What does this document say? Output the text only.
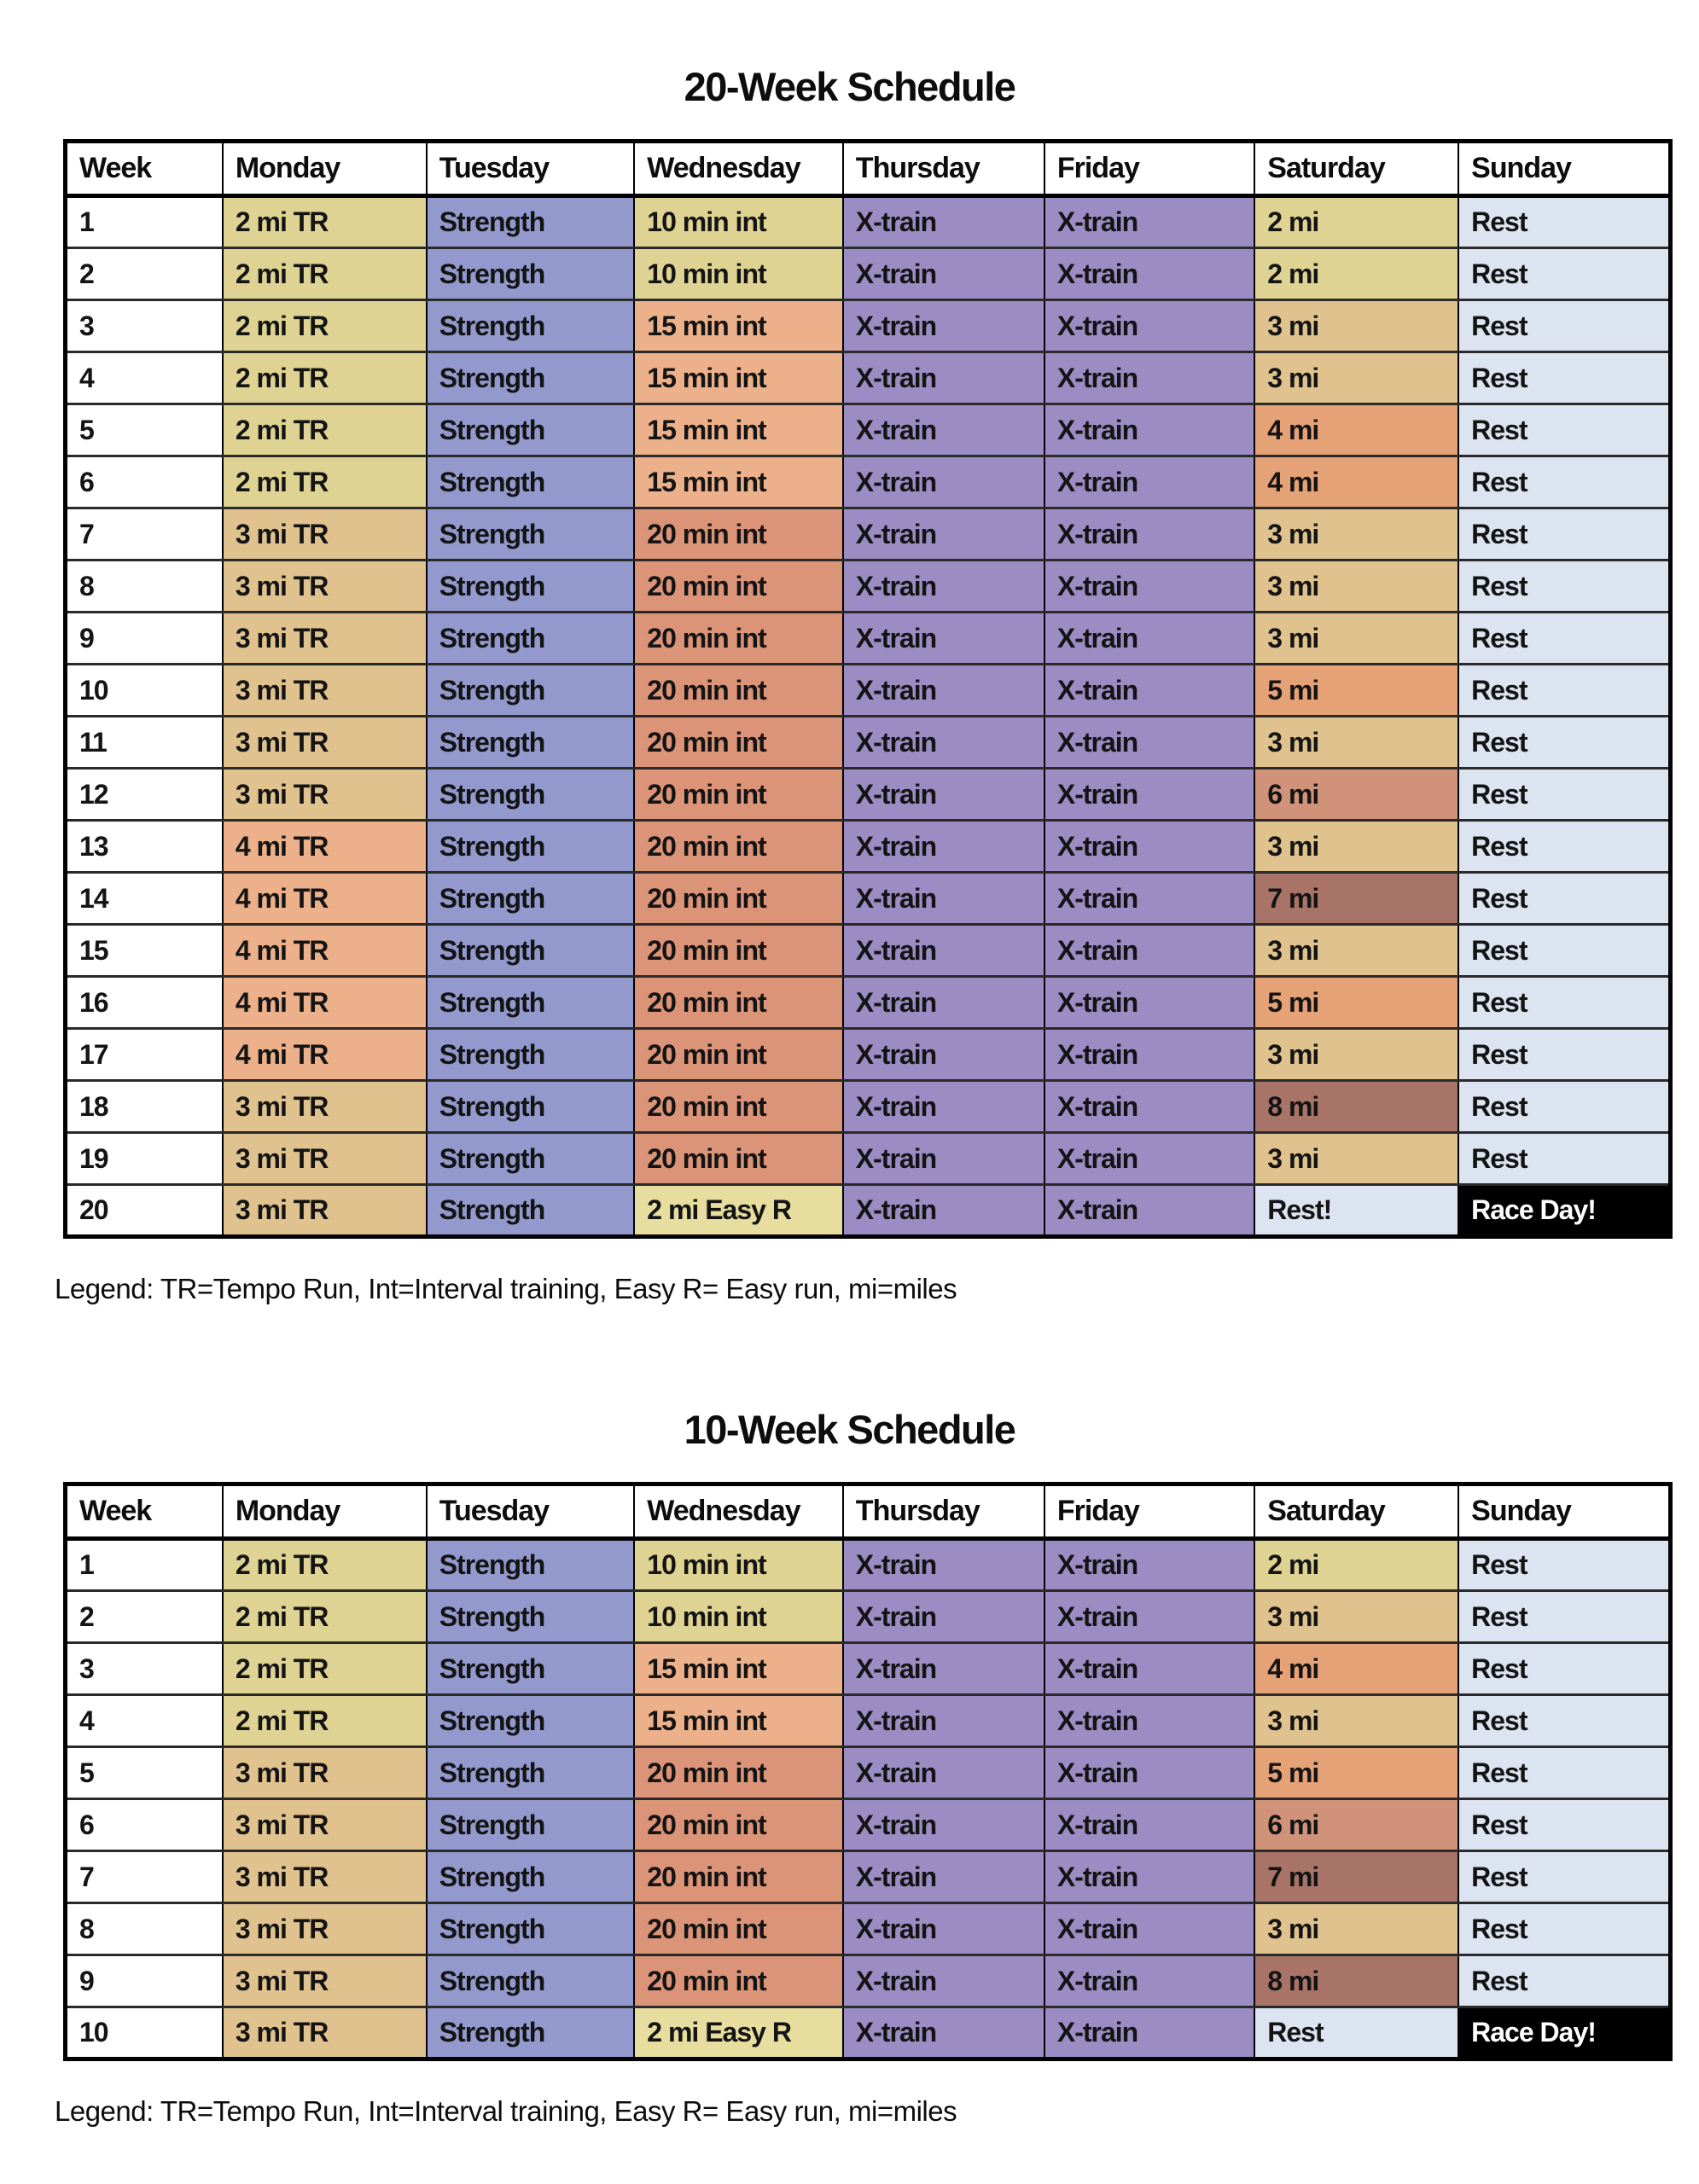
20-Week Schedule
Week	Monday	Tuesday	Wednesday	Thursday	Friday	Saturday	Sunday
1	2 mi TR	Strength	10 min int	X-train	X-train	2 mi	Rest
2	2 mi TR	Strength	10 min int	X-train	X-train	2 mi	Rest
3	2 mi TR	Strength	15 min int	X-train	X-train	3 mi	Rest
4	2 mi TR	Strength	15 min int	X-train	X-train	3 mi	Rest
5	2 mi TR	Strength	15 min int	X-train	X-train	4 mi	Rest
6	2 mi TR	Strength	15 min int	X-train	X-train	4 mi	Rest
7	3 mi TR	Strength	20 min int	X-train	X-train	3 mi	Rest
8	3 mi TR	Strength	20 min int	X-train	X-train	3 mi	Rest
9	3 mi TR	Strength	20 min int	X-train	X-train	3 mi	Rest
10	3 mi TR	Strength	20 min int	X-train	X-train	5 mi	Rest
11	3 mi TR	Strength	20 min int	X-train	X-train	3 mi	Rest
12	3 mi TR	Strength	20 min int	X-train	X-train	6 mi	Rest
13	4 mi TR	Strength	20 min int	X-train	X-train	3 mi	Rest
14	4 mi TR	Strength	20 min int	X-train	X-train	7 mi	Rest
15	4 mi TR	Strength	20 min int	X-train	X-train	3 mi	Rest
16	4 mi TR	Strength	20 min int	X-train	X-train	5 mi	Rest
17	4 mi TR	Strength	20 min int	X-train	X-train	3 mi	Rest
18	3 mi TR	Strength	20 min int	X-train	X-train	8 mi	Rest
19	3 mi TR	Strength	20 min int	X-train	X-train	3 mi	Rest
20	3 mi TR	Strength	2 mi Easy R	X-train	X-train	Rest!	Race Day!
Legend: TR=Tempo Run, Int=Interval training, Easy R= Easy run, mi=miles
10-Week Schedule
Week	Monday	Tuesday	Wednesday	Thursday	Friday	Saturday	Sunday
1	2 mi TR	Strength	10 min int	X-train	X-train	2 mi	Rest
2	2 mi TR	Strength	10 min int	X-train	X-train	3 mi	Rest
3	2 mi TR	Strength	15 min int	X-train	X-train	4 mi	Rest
4	2 mi TR	Strength	15 min int	X-train	X-train	3 mi	Rest
5	3 mi TR	Strength	20 min int	X-train	X-train	5 mi	Rest
6	3 mi TR	Strength	20 min int	X-train	X-train	6 mi	Rest
7	3 mi TR	Strength	20 min int	X-train	X-train	7 mi	Rest
8	3 mi TR	Strength	20 min int	X-train	X-train	3 mi	Rest
9	3 mi TR	Strength	20 min int	X-train	X-train	8 mi	Rest
10	3 mi TR	Strength	2 mi Easy R	X-train	X-train	Rest	Race Day!
Legend: TR=Tempo Run, Int=Interval training, Easy R= Easy run, mi=miles
